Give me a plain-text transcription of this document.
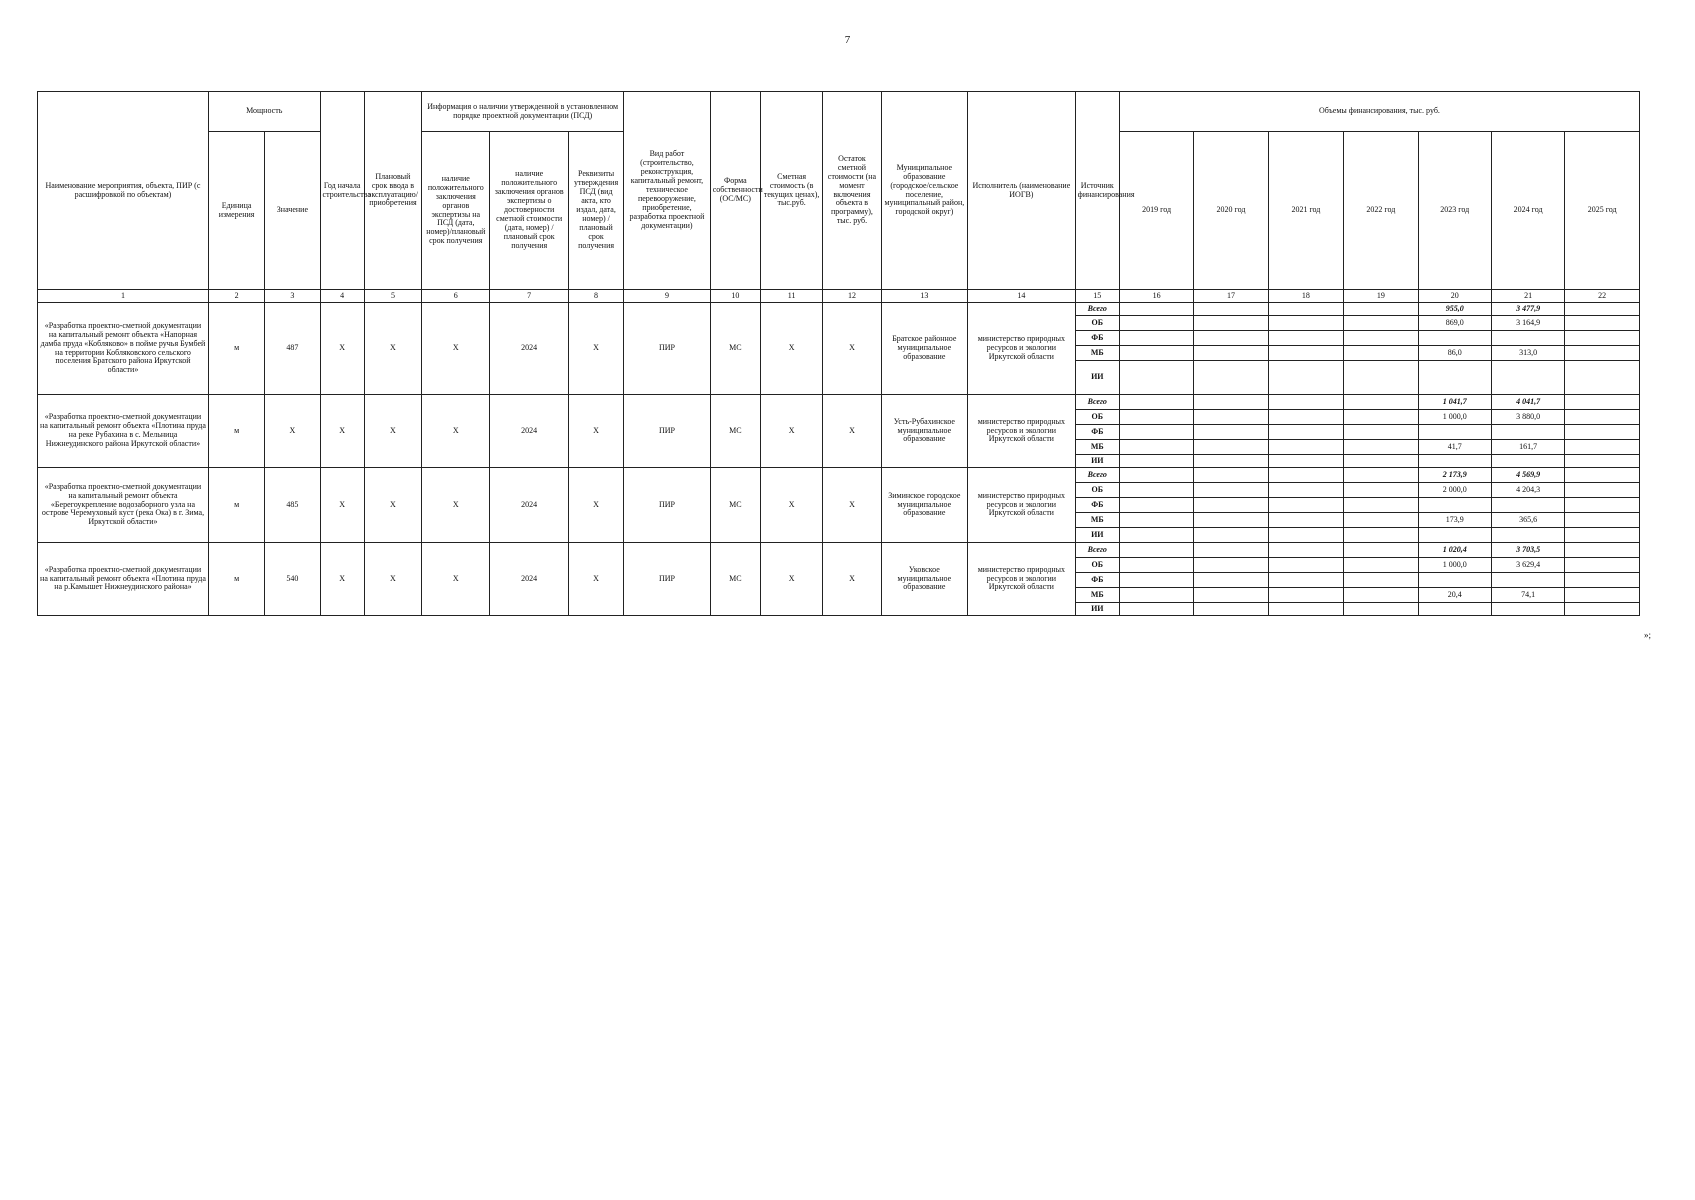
7
Наименование мероприятия, объекта, ПИР (с расшифровкой по объектам)	Мощность		Год начала строительства	Плановый срок ввода в эксплуатацию/приобретения	Информация о наличии утвержденной в установленном порядке проектной документации (ПСД)			Вид работ (строительство, реконструкция, капитальный ремонт, техническое перевооружение, приобретение, разработка проектной документации)	Форма собственности (ОС/МС)	Сметная стоимость (в текущих ценах), тыс.руб.	Остаток сметной стоимости (на момент включения объекта в программу), тыс. руб.	Муниципальное образование (городское/сельское поселение, муниципальный район, городской округ)	Исполнитель (наименование ИОГВ)	Источник финансирования	Объемы финансирования, тыс. руб.						
	Единица измерения	Значение			наличие положительного заключения органов экспертизы на ПСД (дата, номер)/плановый срок получения	наличие положительного заключения органов экспертизы о достоверности сметной стоимости (дата, номер) / плановый срок получения	Реквизиты утверждения ПСД (вид акта, кто издал, дата, номер) / плановый срок получения								2019 год	2020 год	2021 год	2022 год	2023 год	2024 год	2025 год
1	2	3	4	5	6	7	8	9	10	11	12	13	14	15	16	17	18	19	20	21	22
«Разработка проектно-сметной документации на капитальный ремонт объекта «Напорная дамба пруда «Кобляково» в пойме ручья Бумбей на территории Кобляковского сельского поселения Братского района Иркутской области»	м	487	Х	Х	Х	2024	Х	ПИР	МС	Х	Х	Братское районное муниципальное образование	министерство природных ресурсов и экологии Иркутской области	Всего					955,0	3 477,9	
														ОБ					869,0	3 164,9	
														ФБ							
														МБ					86,0	313,0	
														ИИ							
«Разработка проектно-сметной документации на капитальный ремонт объекта «Плотина пруда на реке Рубахина в с. Мельница Нижнеудинского района Иркутской области»	м	Х	Х	Х	Х	2024	Х	ПИР	МС	Х	Х	Усть-Рубахинское муниципальное образование	министерство природных ресурсов и экологии Иркутской области	Всего					1 041,7	4 041,7	
														ОБ					1 000,0	3 880,0	
														ФБ							
														МБ					41,7	161,7	
														ИИ							
«Разработка проектно-сметной документации на капитальный ремонт объекта «Берегоукрепление водозаборного узла на острове Черемуховый куст (река Ока) в г. Зима, Иркутской области»	м	485	Х	Х	Х	2024	Х	ПИР	МС	Х	Х	Зиминское городское муниципальное образование	министерство природных ресурсов и экологии Иркутской области	Всего					2 173,9	4 569,9	
														ОБ					2 000,0	4 204,3	
														ФБ							
														МБ					173,9	365,6	
														ИИ							
«Разработка проектно-сметной документации на капитальный ремонт объекта «Плотина пруда на р.Камышет Нижнеудинского района»	м	540	Х	Х	Х	2024	Х	ПИР	МС	Х	Х	Уковское муниципальное образование	министерство природных ресурсов и экологии Иркутской области	Всего					1 020,4	3 703,5	
														ОБ					1 000,0	3 629,4	
														ФБ							
														МБ					20,4	74,1	
														ИИ							
»;
